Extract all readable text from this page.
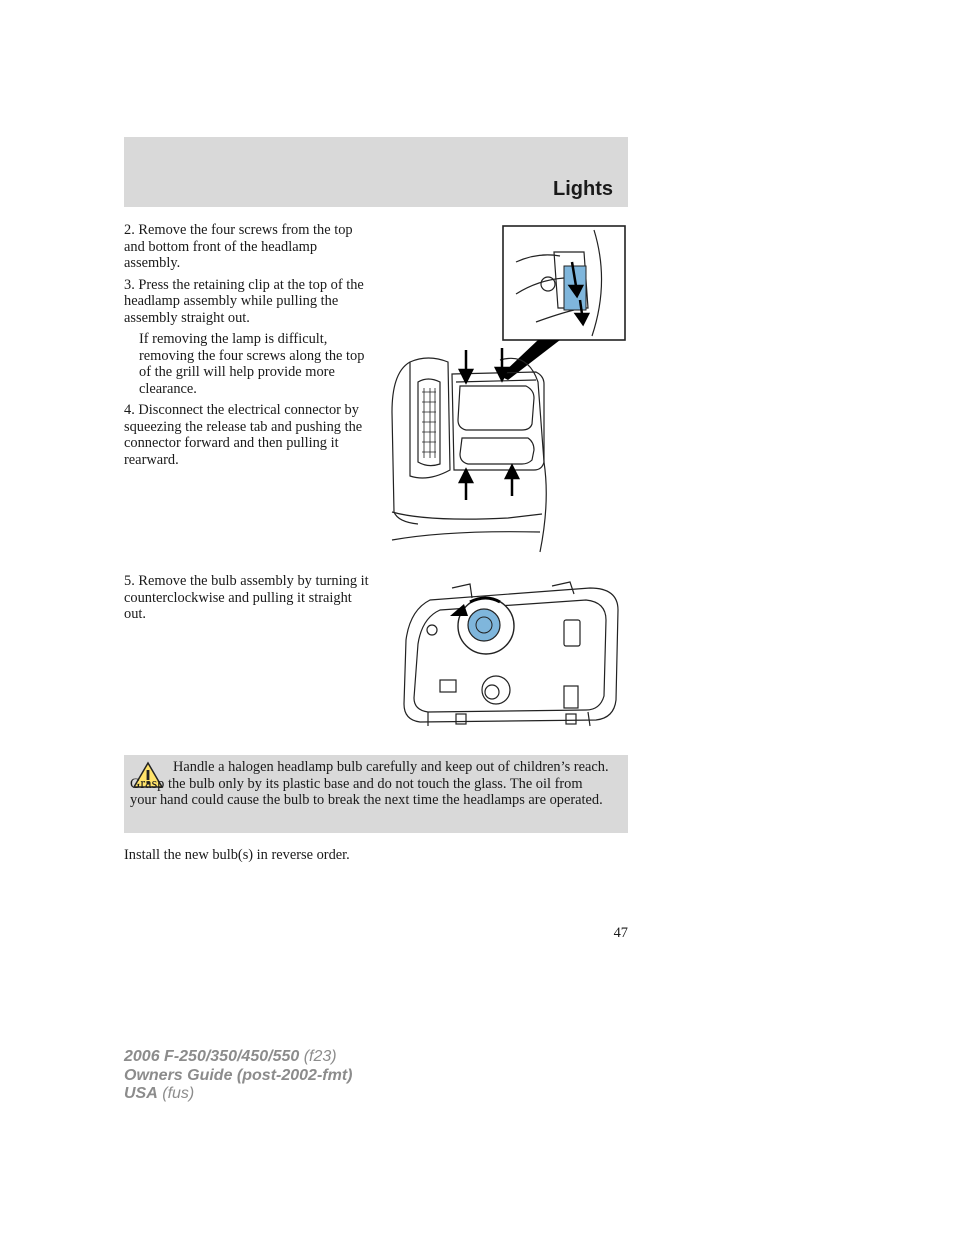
Lights

2. Remove the four screws from the top and bottom front of the headlamp assembly.

3. Press the retaining clip at the top of the headlamp assembly while pulling the assembly straight out.

If removing the lamp is difficult, removing the four screws along the top of the grill will help provide more clearance.

4. Disconnect the electrical connector by squeezing the release tab and pushing the connector forward and then pulling it rearward.

5. Remove the bulb assembly by turning it counterclockwise and pulling it straight out.

Handle a halogen headlamp bulb carefully and keep out of children’s reach. Grasp the bulb only by its plastic base and do not touch the glass. The oil from your hand could cause the bulb to break the next time the headlamps are operated.
Install the new bulb(s) in reverse order.
47
2006 F-250/350/450/550 (f23)
Owners Guide (post-2002-fmt)
USA (fus)
